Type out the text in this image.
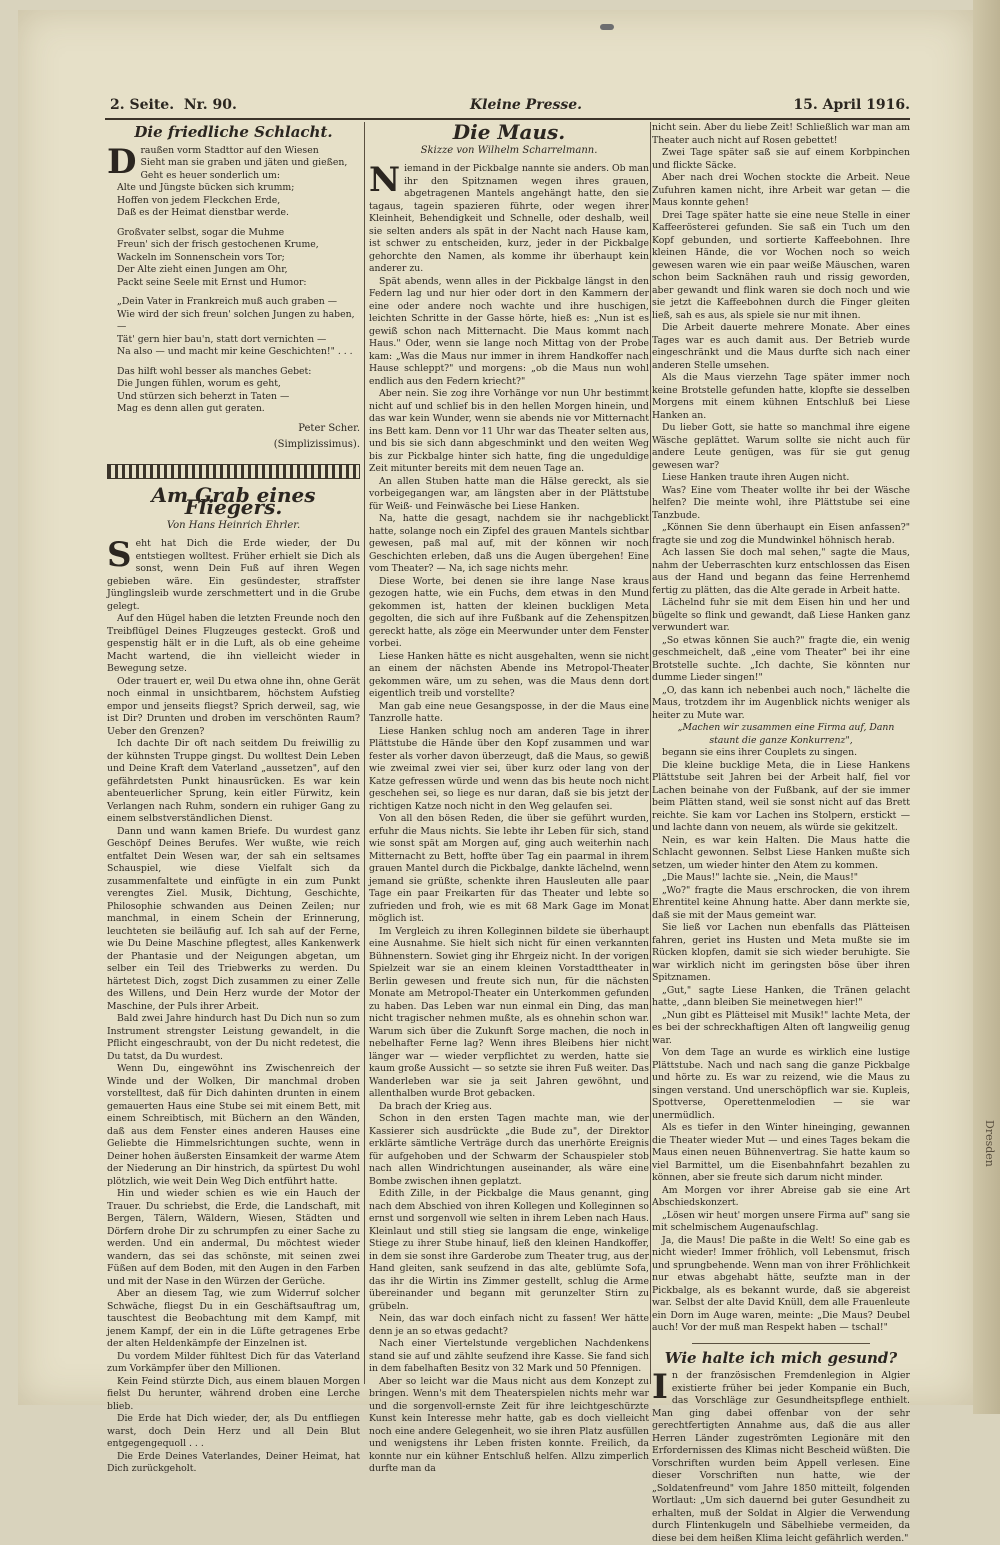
Dresden
2. Seite. Nr. 90.	Kleine Presse.	15. April 1916.
Die friedliche Schlacht.
D raußen vorm Stadttor auf den Wiesen

Sieht man sie graben und jäten und gießen,

Geht es heuer sonderlich um:

Alte und Jüngste bücken sich krumm;

Hoffen von jedem Fleckchen Erde,

Daß es der Heimat dienstbar werde.

Großvater selbst, sogar die Muhme

Freun' sich der frisch gestochenen Krume,

Wackeln im Sonnenschein vors Tor;

Der Alte zieht einen Jungen am Ohr,

Packt seine Seele mit Ernst und Humor:

„Dein Vater in Frankreich muß auch graben —

Wie wird der sich freun' solchen Jungen zu haben, —

Tät' gern hier bau'n, statt dort vernichten —

Na also — und macht mir keine Geschichten!" . . .

Das hilft wohl besser als manches Gebet:

Die Jungen fühlen, worum es geht,

Und stürzen sich beherzt in Taten —

Mag es denn allen gut geraten.

Peter Scher.
(Simplizissimus).
Am Grab eines Fliegers.
Von Hans Heinrich Ehrler.

Seht hat Dich die Erde wieder, der Du entstiegen wolltest. Früher erhielt sie Dich als sonst, wenn Dein Fuß auf ihren Wegen gebieben wäre. Ein gesündester, straffster Jünglingsleib wurde zerschmettert und in die Grube gelegt.

Auf den Hügel haben die letzten Freunde noch den Treibflügel Deines Flugzeuges gesteckt. Groß und gespenstig hält er in die Luft, als ob eine geheime Macht wartend, die ihn vielleicht wieder in Bewegung setze.

Oder trauert er, weil Du etwa ohne ihn, ohne Gerät noch einmal in unsichtbarem, höchstem Aufstieg empor und jenseits fliegst? Sprich derweil, sag, wie ist Dir? Drunten und droben im verschönten Raum? Ueber den Grenzen?

Ich dachte Dir oft nach seitdem Du freiwillig zu der kühnsten Truppe gingst. Du wolltest Dein Leben und Deine Kraft dem Vaterland „aussetzen", auf den gefährdetsten Punkt hinausrücken. Es war kein abenteuerlicher Sprung, kein eitler Fürwitz, kein Verlangen nach Ruhm, sondern ein ruhiger Gang zu einem selbstverständlichen Dienst.

Dann und wann kamen Briefe. Du wurdest ganz Geschöpf Deines Berufes. Wer wußte, wie reich entfaltet Dein Wesen war, der sah ein seltsames Schauspiel, wie diese Vielfalt sich da zusammenfaltete und einfügte in ein zum Punkt verengtes Ziel. Musik, Dichtung, Geschichte, Philosophie schwanden aus Deinen Zeilen; nur manchmal, in einem Schein der Erinnerung, leuchteten sie beiläufig auf. Ich sah auf der Ferne, wie Du Deine Maschine pflegtest, alles Kankenwerk der Phantasie und der Neigungen abgetan, um selber ein Teil des Triebwerks zu werden. Du härtetest Dich, zogst Dich zusammen zu einer Zelle des Willens, und Dein Herz wurde der Motor der Maschine, der Puls ihrer Arbeit.

Bald zwei Jahre hindurch hast Du Dich nun so zum Instrument strengster Leistung gewandelt, in die Pflicht eingeschraubt, von der Du nicht redetest, die Du tatst, da Du wurdest.

Wenn Du, eingewöhnt ins Zwischenreich der Winde und der Wolken, Dir manchmal droben vorstelltest, daß für Dich dahinten drunten in einem gemauerten Haus eine Stube sei mit einem Bett, mit einem Schreibtisch, mit Büchern an den Wänden, daß aus dem Fenster eines anderen Hauses eine Geliebte die Himmelsrichtungen suchte, wenn in Deiner hohen äußersten Einsamkeit der warme Atem der Niederung an Dir hinstrich, da spürtest Du wohl plötzlich, wie weit Dein Weg Dich entführt hatte.

Hin und wieder schien es wie ein Hauch der Trauer. Du schriebst, die Erde, die Landschaft, mit Bergen, Tälern, Wäldern, Wiesen, Städten und Dörfern drohe Dir zu schrumpfen zu einer Sache zu werden. Und ein andermal, Du möchtest wieder wandern, das sei das schönste, mit seinen zwei Füßen auf dem Boden, mit den Augen in den Farben und mit der Nase in den Würzen der Gerüche.

Aber an diesem Tag, wie zum Widerruf solcher Schwäche, fliegst Du in ein Geschäftsauftrag um, tauschtest die Beobachtung mit dem Kampf, mit jenem Kampf, der ein in die Lüfte getragenes Erbe der alten Heldenkämpfe der Einzelnen ist.

Du vordem Milder fühltest Dich für das Vaterland zum Vorkämpfer über den Millionen.

Kein Feind stürzte Dich, aus einem blauen Morgen fielst Du herunter, während droben eine Lerche blieb.

Die Erde hat Dich wieder, der, als Du entfliegen warst, doch Dein Herz und all Dein Blut entgegengequoll . . .

Die Erde Deines Vaterlandes, Deiner Heimat, hat Dich zurückgeholt.

Die Maus.
Skizze von Wilhelm Scharrelmann.

Niemand in der Pickbalge nannte sie anders. Ob man ihr den Spitznamen wegen ihres grauen, abgetragenen Mantels angehängt hatte, den sie tagaus, tagein spazieren führte, oder wegen ihrer Kleinheit, Behendigkeit und Schnelle, oder deshalb, weil sie selten anders als spät in der Nacht nach Hause kam, ist schwer zu entscheiden, kurz, jeder in der Pickbalge gehorchte den Namen, als komme ihr überhaupt kein anderer zu.

Spät abends, wenn alles in der Pickbalge längst in den Federn lag und nur hier oder dort in den Kammern der eine oder andere noch wachte und ihre huschigen, leichten Schritte in der Gasse hörte, hieß es: „Nun ist es gewiß schon nach Mitternacht. Die Maus kommt nach Haus." Oder, wenn sie lange noch Mittag von der Probe kam: „Was die Maus nur immer in ihrem Handkoffer nach Hause schleppt?" und morgens: „ob die Maus nun wohl endlich aus den Federn kriecht?"

Aber nein. Sie zog ihre Vorhänge vor nun Uhr bestimmt nicht auf und schlief bis in den hellen Morgen hinein, und das war kein Wunder, wenn sie abends nie vor Mitternacht ins Bett kam. Denn vor 11 Uhr war das Theater selten aus, und bis sie sich dann abgeschminkt und den weiten Weg bis zur Pickbalge hinter sich hatte, fing die ungeduldige Zeit mitunter bereits mit dem neuen Tage an.

An allen Stuben hatte man die Hälse gereckt, als sie vorbeigegangen war, am längsten aber in der Plättstube für Weiß- und Feinwäsche bei Liese Hanken.

Na, hatte die gesagt, nachdem sie ihr nachgeblickt hatte, solange noch ein Zipfel des grauen Mantels sichtbar gewesen, paß mal auf, mit der können wir noch Geschichten erleben, daß uns die Augen übergehen! Eine vom Theater? — Na, ich sage nichts mehr.

Diese Worte, bei denen sie ihre lange Nase kraus gezogen hatte, wie ein Fuchs, dem etwas in den Mund gekommen ist, hatten der kleinen buckligen Meta gegolten, die sich auf ihre Fußbank auf die Zehenspitzen gereckt hatte, als zöge ein Meerwunder unter dem Fenster vorbei.

Liese Hanken hätte es nicht ausgehalten, wenn sie nicht an einem der nächsten Abende ins Metropol-Theater gekommen wäre, um zu sehen, was die Maus denn dort eigentlich treib und vorstellte?

Man gab eine neue Gesangsposse, in der die Maus eine Tanzrolle hatte.

Liese Hanken schlug noch am anderen Tage in ihrer Plättstube die Hände über den Kopf zusammen und war fester als vorher davon überzeugt, daß die Maus, so gewiß wie zweimal zwei vier sei, über kurz oder lang von der Katze gefressen würde und wenn das bis heute noch nicht geschehen sei, so liege es nur daran, daß sie bis jetzt der richtigen Katze noch nicht in den Weg gelaufen sei.

Von all den bösen Reden, die über sie geführt wurden, erfuhr die Maus nichts. Sie lebte ihr Leben für sich, stand wie sonst spät am Morgen auf, ging auch weiterhin nach Mitternacht zu Bett, hoffte über Tag ein paarmal in ihrem grauen Mantel durch die Pickbalge, dankte lächelnd, wenn jemand sie grüßte, schenkte ihren Hausleuten alle paar Tage ein paar Freikarten für das Theater und lebte so zufrieden und froh, wie es mit 68 Mark Gage im Monat möglich ist.

Im Vergleich zu ihren Kolleginnen bildete sie überhaupt eine Ausnahme. Sie hielt sich nicht für einen verkannten Bühnenstern. Sowiet ging ihr Ehrgeiz nicht. In der vorigen Spielzeit war sie an einem kleinen Vorstadttheater in Berlin gewesen und freute sich nun, für die nächsten Monate am Metropol-Theater ein Unterkommen gefunden zu haben. Das Leben war nun einmal ein Ding, das man nicht tragischer nehmen mußte, als es ohnehin schon war. Warum sich über die Zukunft Sorge machen, die noch in nebelhafter Ferne lag? Wenn ihres Bleibens hier nicht länger war — wieder verpflichtet zu werden, hatte sie kaum große Aussicht — so setzte sie ihren Fuß weiter. Das Wanderleben war sie ja seit Jahren gewöhnt, und allenthalben wurde Brot gebacken.

Da brach der Krieg aus.

Schon in den ersten Tagen machte man, wie der Kassierer sich ausdrückte „die Bude zu", der Direktor erklärte sämtliche Verträge durch das unerhörte Ereignis für aufgehoben und der Schwarm der Schauspieler stob nach allen Windrichtungen auseinander, als wäre eine Bombe zwischen ihnen geplatzt.

Edith Zille, in der Pickbalge die Maus genannt, ging nach dem Abschied von ihren Kollegen und Kolleginnen so ernst und sorgenvoll wie selten in ihrem Leben nach Haus. Kleinlaut und still stieg sie langsam die enge, winkelige Stiege zu ihrer Stube hinauf, ließ den kleinen Handkoffer, in dem sie sonst ihre Garderobe zum Theater trug, aus der Hand gleiten, sank seufzend in das alte, geblümte Sofa, das ihr die Wirtin ins Zimmer gestellt, schlug die Arme übereinander und begann mit gerunzelter Stirn zu grübeln.

Nein, das war doch einfach nicht zu fassen! Wer hätte denn je an so etwas gedacht?

Nach einer Viertelstunde vergeblichen Nachdenkens stand sie auf und zählte seufzend ihre Kasse. Sie fand sich in dem fabelhaften Besitz von 32 Mark und 50 Pfennigen.

Aber so leicht war die Maus nicht aus dem Konzept zu bringen. Wenn's mit dem Theaterspielen nichts mehr war und die sorgenvoll-ernste Zeit für ihre leichtgeschürzte Kunst kein Interesse mehr hatte, gab es doch vielleicht noch eine andere Gelegenheit, wo sie ihren Platz ausfüllen und wenigstens ihr Leben fristen konnte. Freilich, da konnte nur ein kühner Entschluß helfen. Allzu zimperlich durfte man da

nicht sein. Aber du liebe Zeit! Schließlich war man am Theater auch nicht auf Rosen gebettet!

Zwei Tage später saß sie auf einem Korbpinchen und flickte Säcke.

Aber nach drei Wochen stockte die Arbeit. Neue Zufuhren kamen nicht, ihre Arbeit war getan — die Maus konnte gehen!

Drei Tage später hatte sie eine neue Stelle in einer Kaffeerösterei gefunden. Sie saß ein Tuch um den Kopf gebunden, und sortierte Kaffeebohnen. Ihre kleinen Hände, die vor Wochen noch so weich gewesen waren wie ein paar weiße Mäuschen, waren schon beim Sacknähen rauh und rissig geworden, aber gewandt und flink waren sie doch noch und wie sie jetzt die Kaffeebohnen durch die Finger gleiten ließ, sah es aus, als spiele sie nur mit ihnen.

Die Arbeit dauerte mehrere Monate. Aber eines Tages war es auch damit aus. Der Betrieb wurde eingeschränkt und die Maus durfte sich nach einer anderen Stelle umsehen.

Als die Maus vierzehn Tage später immer noch keine Brotstelle gefunden hatte, klopfte sie desselben Morgens mit einem kühnen Entschluß bei Liese Hanken an.

Du lieber Gott, sie hatte so manchmal ihre eigene Wäsche geplättet. Warum sollte sie nicht auch für andere Leute genügen, was für sie gut genug gewesen war?

Liese Hanken traute ihren Augen nicht.

Was? Eine vom Theater wollte ihr bei der Wäsche helfen? Die meinte wohl, ihre Plättstube sei eine Tanzbude.

„Können Sie denn überhaupt ein Eisen anfassen?" fragte sie und zog die Mundwinkel höhnisch herab.

Ach lassen Sie doch mal sehen," sagte die Maus, nahm der Ueberraschten kurz entschlossen das Eisen aus der Hand und begann das feine Herrenhemd fertig zu plätten, das die Alte gerade in Arbeit hatte.

Lächelnd fuhr sie mit dem Eisen hin und her und bügelte so flink und gewandt, daß Liese Hanken ganz verwundert war.

„So etwas können Sie auch?" fragte die, ein wenig geschmeichelt, daß „eine vom Theater" bei ihr eine Brotstelle suchte. „Ich dachte, Sie könnten nur dumme Lieder singen!"

„O, das kann ich nebenbei auch noch," lächelte die Maus, trotzdem ihr im Augenblick nichts weniger als heiter zu Mute war.

„Machen wir zusammen eine Firma auf, Dann staunt die ganze Konkurrenz",

begann sie eins ihrer Couplets zu singen.

Die kleine bucklige Meta, die in Liese Hankens Plättstube seit Jahren bei der Arbeit half, fiel vor Lachen beinahe von der Fußbank, auf der sie immer beim Plätten stand, weil sie sonst nicht auf das Brett reichte. Sie kam vor Lachen ins Stolpern, erstickt — und lachte dann von neuem, als würde sie gekitzelt.

Nein, es war kein Halten. Die Maus hatte die Schlacht gewonnen. Selbst Liese Hanken mußte sich setzen, um wieder hinter den Atem zu kommen.

„Die Maus!" lachte sie. „Nein, die Maus!"

„Wo?" fragte die Maus erschrocken, die von ihrem Ehrentitel keine Ahnung hatte. Aber dann merkte sie, daß sie mit der Maus gemeint war.

Sie ließ vor Lachen nun ebenfalls das Plätteisen fahren, geriet ins Husten und Meta mußte sie im Rücken klopfen, damit sie sich wieder beruhigte. Sie war wirklich nicht im geringsten böse über ihren Spitznamen.

„Gut," sagte Liese Hanken, die Tränen gelacht hatte, „dann bleiben Sie meinetwegen hier!"

„Nun gibt es Plätteisel mit Musik!" lachte Meta, der es bei der schreckhaftigen Alten oft langweilig genug war.

Von dem Tage an wurde es wirklich eine lustige Plättstube. Nach und nach sang die ganze Pickbalge und hörte zu. Es war zu reizend, wie die Maus zu singen verstand. Und unerschöpflich war sie. Kupleis, Spottverse, Operettenmelodien — sie war unermüdlich.

Als es tiefer in den Winter hineinging, gewannen die Theater wieder Mut — und eines Tages bekam die Maus einen neuen Bühnenvertrag. Sie hatte kaum so viel Barmittel, um die Eisenbahnfahrt bezahlen zu können, aber sie freute sich darum nicht minder.

Am Morgen vor ihrer Abreise gab sie eine Art Abschiedskonzert.

„Lösen wir heut' morgen unsere Firma auf" sang sie mit schelmischem Augenaufschlag.

Ja, die Maus! Die paßte in die Welt! So eine gab es nicht wieder! Immer fröhlich, voll Lebensmut, frisch und sprungbehende. Wenn man von ihrer Fröhlichkeit nur etwas abgehabt hätte, seufzte man in der Pickbalge, als es bekannt wurde, daß sie abgereist war. Selbst der alte David Knüll, dem alle Frauenleute ein Dorn im Auge waren, meinte: „Die Maus? Deubel auch! Vor der muß man Respekt haben — tschal!"

Wie halte ich mich gesund?

In der französischen Fremdenlegion in Algier existierte früher bei jeder Kompanie ein Buch, das Vorschläge zur Gesundheitspflege enthielt. Man ging dabei offenbar von der sehr gerechtfertigten Annahme aus, daß die aus aller Herren Länder zugeströmten Legionäre mit den Erfordernissen des Klimas nicht Bescheid wüßten. Die Vorschriften wurden beim Appell verlesen. Eine dieser Vorschriften nun hatte, wie der „Soldatenfreund" vom Jahre 1850 mitteilt, folgenden Wortlaut: „Um sich dauernd bei guter Gesundheit zu erhalten, muß der Soldat in Algier die Verwendung durch Flintenkugeln und Säbelhiebe vermeiden, da diese bei dem heißen Klima leicht gefährlich werden."
